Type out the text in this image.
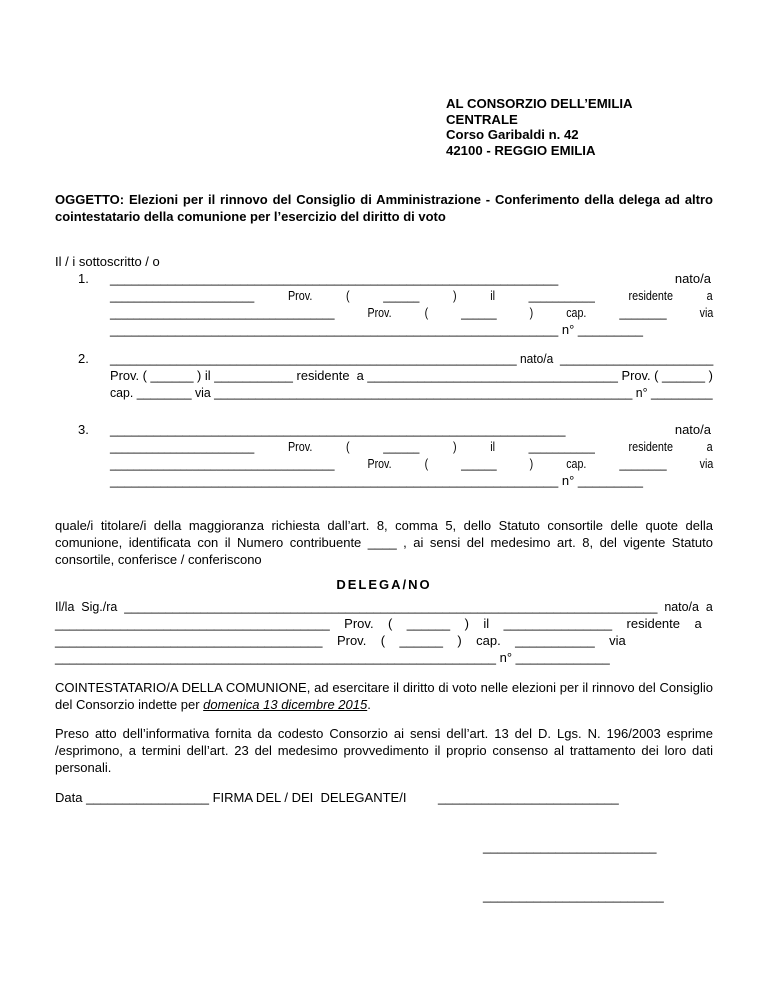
AL CONSORZIO DELL’EMILIA
CENTRALE
Corso Garibaldi n. 42
42100 - REGGIO EMILIA
OGGETTO: Elezioni per il rinnovo del Consiglio di Amministrazione - Conferimento della delega ad altro cointestatario della comunione per l’esercizio del diritto di voto
Il / i sottoscritto / o
1. ______________________________________________________________	nato/a
________________________    Prov.    (    ______    )    il    ___________    residente    a
______________________________________    Prov.    (    ______    )    cap.    ________    via
______________________________________________________________ n° _________
2. _____________________________________________________________ nato/a  _______________________
Prov. ( ______ ) il ___________ residente  a ___________________________________ Prov. ( ______ )
cap. ________ via _____________________________________________________________ n° _________
3. _______________________________________________________________	nato/a
________________________    Prov.    (    ______    )    il    ___________    residente    a
______________________________________    Prov.    (    ______    )    cap.    ________    via
______________________________________________________________ n° _________
quale/i titolare/i della maggioranza richiesta dall’art. 8, comma 5, dello Statuto consortile delle quote della comunione, identificata con il Numero contribuente ____ , ai sensi del medesimo art. 8, del vigente Statuto consortile, conferisce / conferiscono
DELEGA/NO
Il/la  Sig./ra  _____________________________________________________________________________  nato/a  a
______________________________________    Prov.    (    ______    )    il    _______________    residente    a
_____________________________________    Prov.    (    ______    )    cap.    ___________    via
_____________________________________________________________ n° _____________
COINTESTATARIO/A DELLA COMUNIONE, ad esercitare il diritto di voto nelle elezioni per il rinnovo del Consiglio del Consorzio indette per domenica 13 dicembre 2015.
Preso atto dell’informativa fornita da codesto Consorzio ai sensi dell’art. 13 del D. Lgs. N. 196/2003 esprime /esprimono, a termini dell’art. 23 del medesimo provvedimento il proprio consenso al trattamento dei loro dati personali.
Data _________________ FIRMA DEL / DEI  DELEGANTE/I _________________________
________________________
_________________________
